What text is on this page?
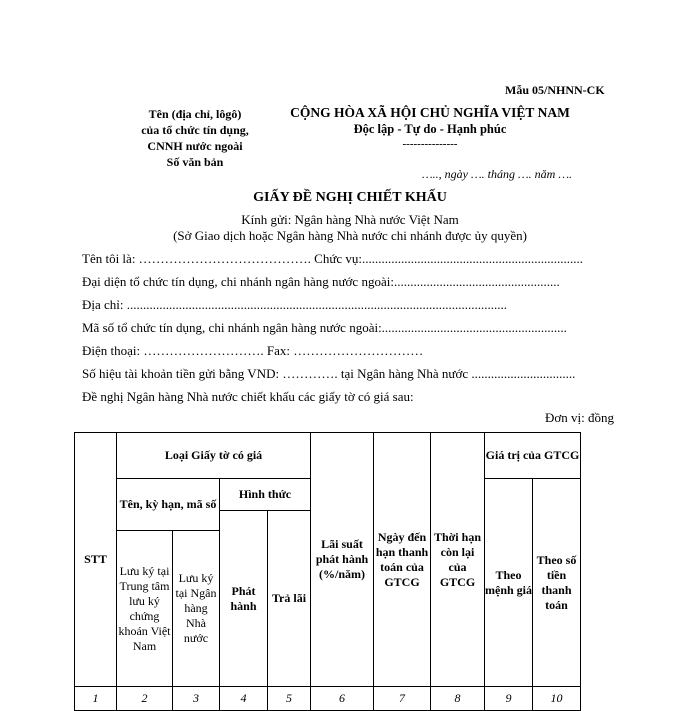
Mẫu 05/NHNN-CK
Tên (địa chỉ, lôgô)
của tổ chức tín dụng,
CNNH nước ngoài
Số văn bản
CỘNG HÒA XÃ HỘI CHỦ NGHĨA VIỆT NAM
Độc lập - Tự do - Hạnh phúc
---------------
….., ngày …. tháng …. năm ….
GIẤY ĐỀ NGHỊ CHIẾT KHẤU
Kính gửi: Ngân hàng Nhà nước Việt Nam
(Sở Giao dịch hoặc Ngân hàng Nhà nước chi nhánh được ủy quyền)
Tên tôi là: …………………………………. Chức vụ:....................................................................
Đại diện tổ chức tín dụng, chi nhánh ngân hàng nước ngoài:...................................................
Địa chỉ: .....................................................................................................................
Mã số tổ chức tín dụng, chi nhánh ngân hàng nước ngoài:.........................................................
Điện thoại: ………………………. Fax: …………………………
Số hiệu tài khoản tiền gửi bằng VND: …………. tại Ngân hàng Nhà nước ................................
Đề nghị Ngân hàng Nhà nước chiết khấu các giấy tờ có giá sau:
Đơn vị: đồng
STT	Loại Giấy tờ có giá				Lãi suất phát hành (%/năm)	Ngày đến hạn thanh toán của GTCG	Thời hạn còn lại của GTCG	Giá trị của GTCG	
	Tên, kỳ hạn, mã số		Hình thức					Theo mệnh giá	Theo số tiền thanh toán
			Phát hành	Trả lãi					
	Lưu ký tại Trung tâm lưu ký chứng khoán Việt Nam	Lưu ký tại Ngân hàng Nhà nước							
1	2	3	4	5	6	7	8	9	10
